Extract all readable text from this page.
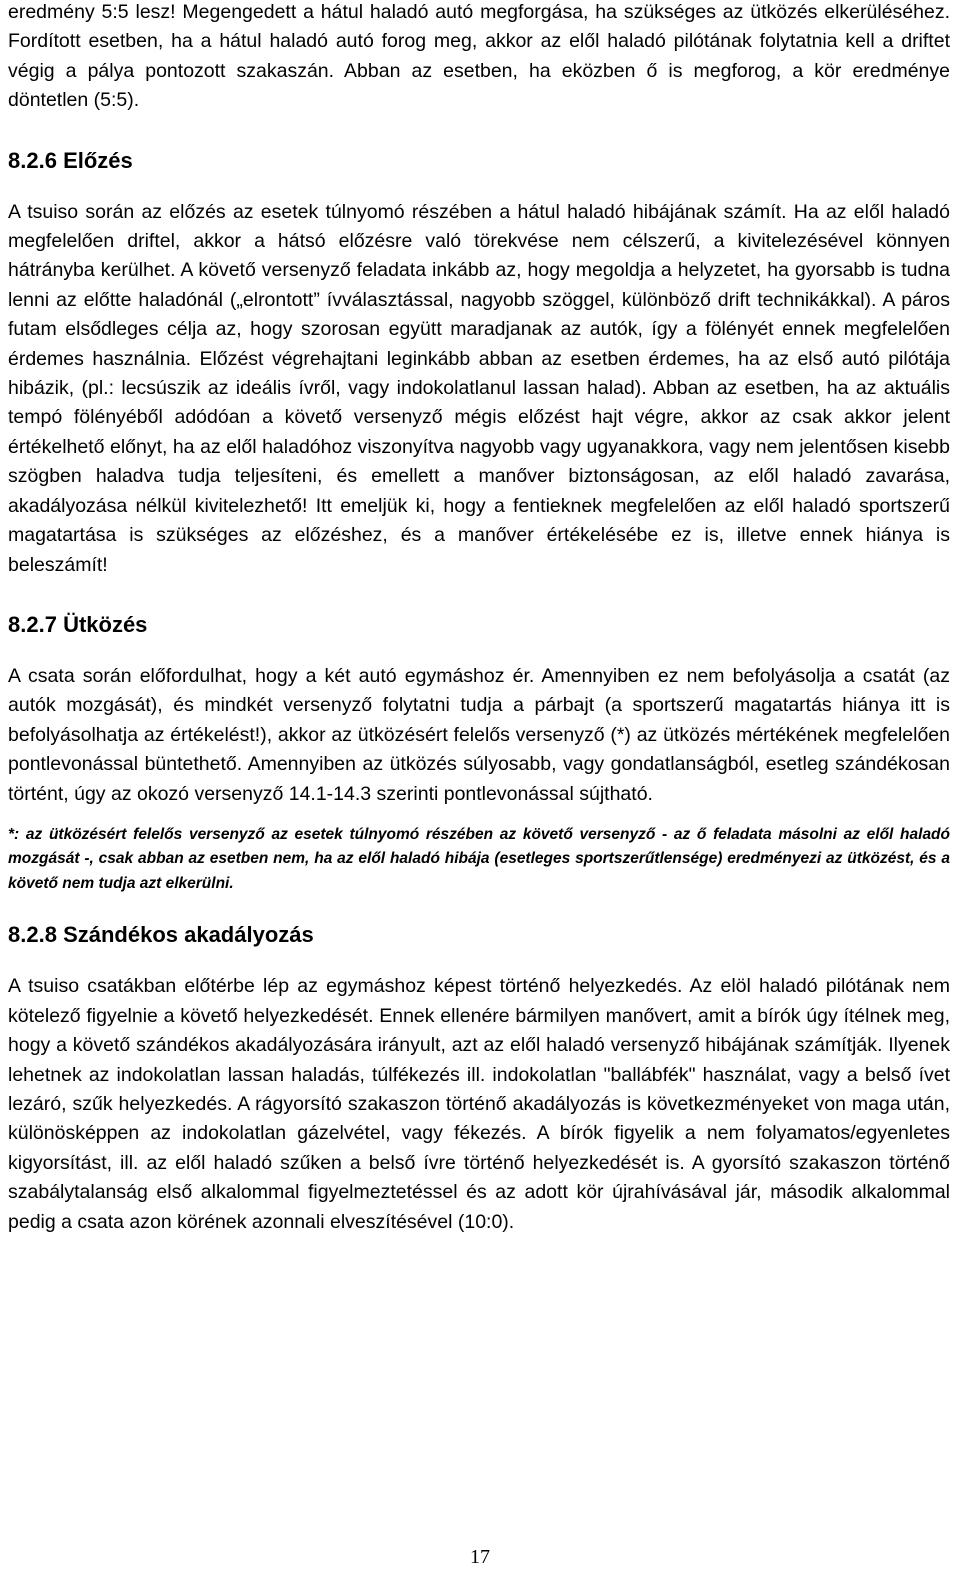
eredmény 5:5 lesz! Megengedett a hátul haladó autó megforgása, ha szükséges az ütközés elkerüléséhez. Fordított esetben, ha a hátul haladó autó forog meg, akkor az elől haladó pilótának folytatnia kell a driftet végig a pálya pontozott szakaszán. Abban az esetben, ha eközben ő is megforog, a kör eredménye döntetlen (5:5).

8.2.6 Előzés

A tsuiso során az előzés az esetek túlnyomó részében a hátul haladó hibájának számít. Ha az elől haladó megfelelően driftel, akkor a hátsó előzésre való törekvése nem célszerű, a kivitelezésével könnyen hátrányba kerülhet. A követő versenyző feladata inkább az, hogy megoldja a helyzetet, ha gyorsabb is tudna lenni az előtte haladónál („elrontott” ívválasztással, nagyobb szöggel, különböző drift technikákkal). A páros futam elsődleges célja az, hogy szorosan együtt maradjanak az autók, így a fölényét ennek megfelelően érdemes használnia. Előzést végrehajtani leginkább abban az esetben érdemes, ha az első autó pilótája hibázik, (pl.: lecsúszik az ideális ívről, vagy indokolatlanul lassan halad). Abban az esetben, ha az aktuális tempó fölényéből adódóan a követő versenyző mégis előzést hajt végre, akkor az csak akkor jelent értékelhető előnyt, ha az elől haladóhoz viszonyítva nagyobb vagy ugyanakkora, vagy nem jelentősen kisebb szögben haladva tudja teljesíteni, és emellett a manőver biztonságosan, az elől haladó zavarása, akadályozása nélkül kivitelezhető! Itt emeljük ki, hogy a fentieknek megfelelően az elől haladó sportszerű magatartása is szükséges az előzéshez, és a manőver értékelésébe ez is, illetve ennek hiánya is beleszámít!

8.2.7 Ütközés

A csata során előfordulhat, hogy a két autó egymáshoz ér. Amennyiben ez nem befolyásolja a csatát (az autók mozgását), és mindkét versenyző folytatni tudja a párbajt (a sportszerű magatartás hiánya itt is befolyásolhatja az értékelést!), akkor az ütközésért felelős versenyző (*) az ütközés mértékének megfelelően pontlevonással büntethető. Amennyiben az ütközés súlyosabb, vagy gondatlanságból, esetleg szándékosan történt, úgy az okozó versenyző 14.1-14.3 szerinti pontlevonással sújtható.

*: az ütközésért felelős versenyző az esetek túlnyomó részében az követő versenyző - az ő feladata másolni az elől haladó mozgását -, csak abban az esetben nem, ha az elől haladó hibája (esetleges sportszerűtlensége) eredményezi az ütközést, és a követő nem tudja azt elkerülni.

8.2.8 Szándékos akadályozás

A tsuiso csatákban előtérbe lép az egymáshoz képest történő helyezkedés. Az elöl haladó pilótának nem kötelező figyelnie a követő helyezkedését. Ennek ellenére bármilyen manővert, amit a bírók úgy ítélnek meg, hogy a követő szándékos akadályozására irányult, azt az elől haladó versenyző hibájának számítják. Ilyenek lehetnek az indokolatlan lassan haladás, túlfékezés ill. indokolatlan "ballábfék" használat, vagy a belső ívet lezáró, szűk helyezkedés. A rágyorsító szakaszon történő akadályozás is következményeket von maga után, különösképpen az indokolatlan gázelvétel, vagy fékezés. A bírók figyelik a nem folyamatos/egyenletes kigyorsítást, ill. az elől haladó szűken a belső ívre történő helyezkedését is. A gyorsító szakaszon történő szabálytalanság első alkalommal figyelmeztetéssel és az adott kör újrahívásával jár, második alkalommal pedig a csata azon körének azonnali elveszítésével (10:0).

17
